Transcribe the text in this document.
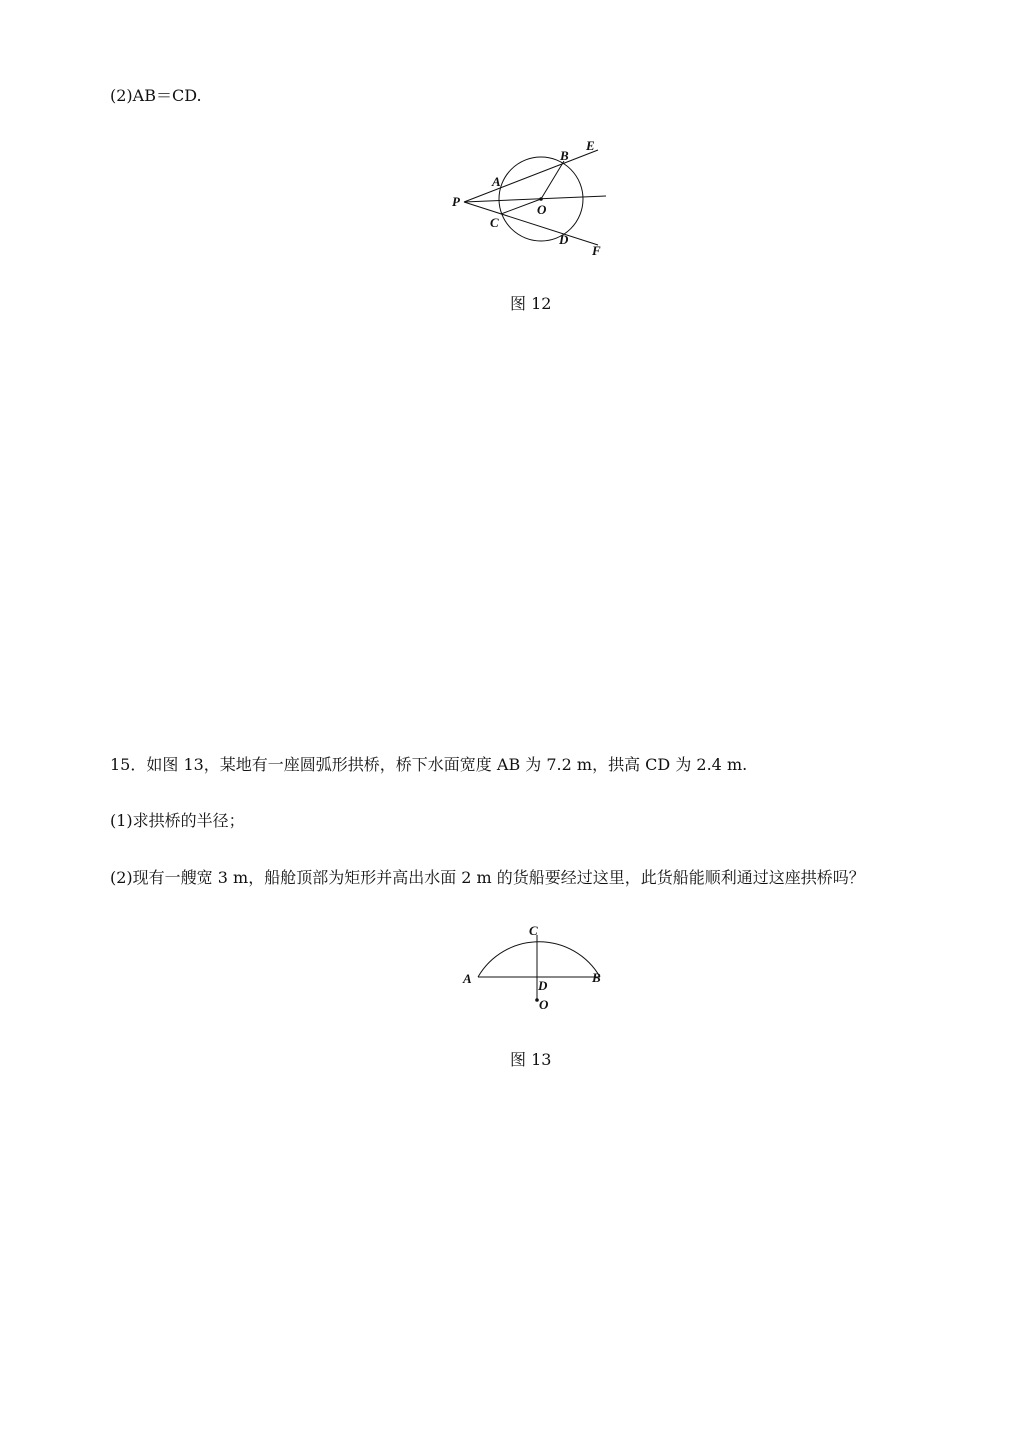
(2)AB＝CD.
P
A
B
E
O
C
D
F
图 12
15．如图 13，某地有一座圆弧形拱桥，桥下水面宽度 AB 为 7.2 m，拱高 CD 为 2.4 m.
(1)求拱桥的半径；
(2)现有一艘宽 3 m，船舱顶部为矩形并高出水面 2 m 的货船要经过这里，此货船能顺利通过这座拱桥吗？
C
A	B
D
O
图 13
